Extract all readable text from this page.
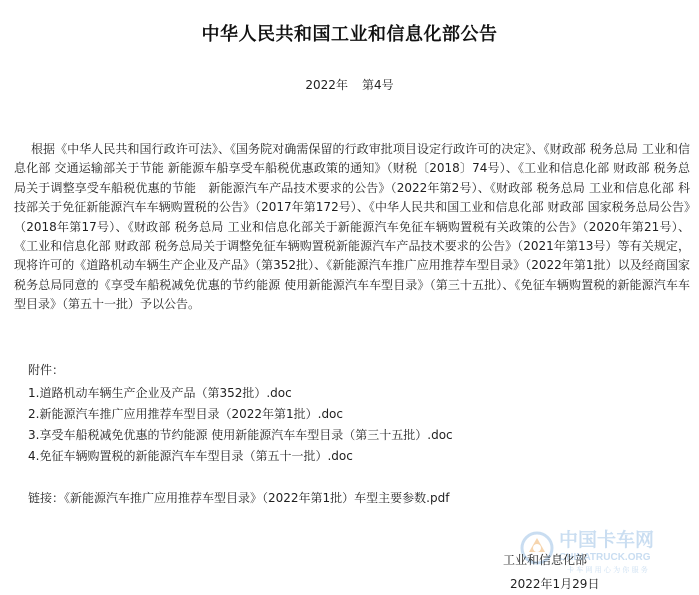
中华人民共和国工业和信息化部公告
2022年 第4号
根据《中华人民共和国行政许可法》、《国务院对确需保留的行政审批项目设定行政许可的决定》、《财政部 税务总局 工业和信息化部 交通运输部关于节能 新能源车船享受车船税优惠政策的通知》（财税〔2018〕74号）、《工业和信息化部 财政部 税务总局关于调整享受车船税优惠的节能　新能源汽车产品技术要求的公告》（2022年第2号）、《财政部 税务总局 工业和信息化部 科技部关于免征新能源汽车车辆购置税的公告》（2017年第172号）、《中华人民共和国工业和信息化部 财政部 国家税务总局公告》（2018年第17号）、《财政部 税务总局 工业和信息化部关于新能源汽车免征车辆购置税有关政策的公告》（2020年第21号）、《工业和信息化部 财政部 税务总局关于调整免征车辆购置税新能源汽车产品技术要求的公告》（2021年第13号）等有关规定，现将许可的《道路机动车辆生产企业及产品》（第352批）、《新能源汽车推广应用推荐车型目录》（2022年第1批）以及经商国家税务总局同意的《享受车船税减免优惠的节约能源 使用新能源汽车车型目录》（第三十五批）、《免征车辆购置税的新能源汽车车型目录》（第五十一批）予以公告。
附件：
1.道路机动车辆生产企业及产品（第352批）.doc
2.新能源汽车推广应用推荐车型目录（2022年第1批）.doc
3.享受车船税减免优惠的节约能源 使用新能源汽车车型目录（第三十五批）.doc
4.免征车辆购置税的新能源汽车车型目录（第五十一批）.doc
链接：《新能源汽车推广应用推荐车型目录》（2022年第1批）车型主要参数.pdf
中国卡车网
CHINATRUCK.ORG
卡 车 网 用 心 为 你 服 务
工业和信息化部
2022年1月29日
